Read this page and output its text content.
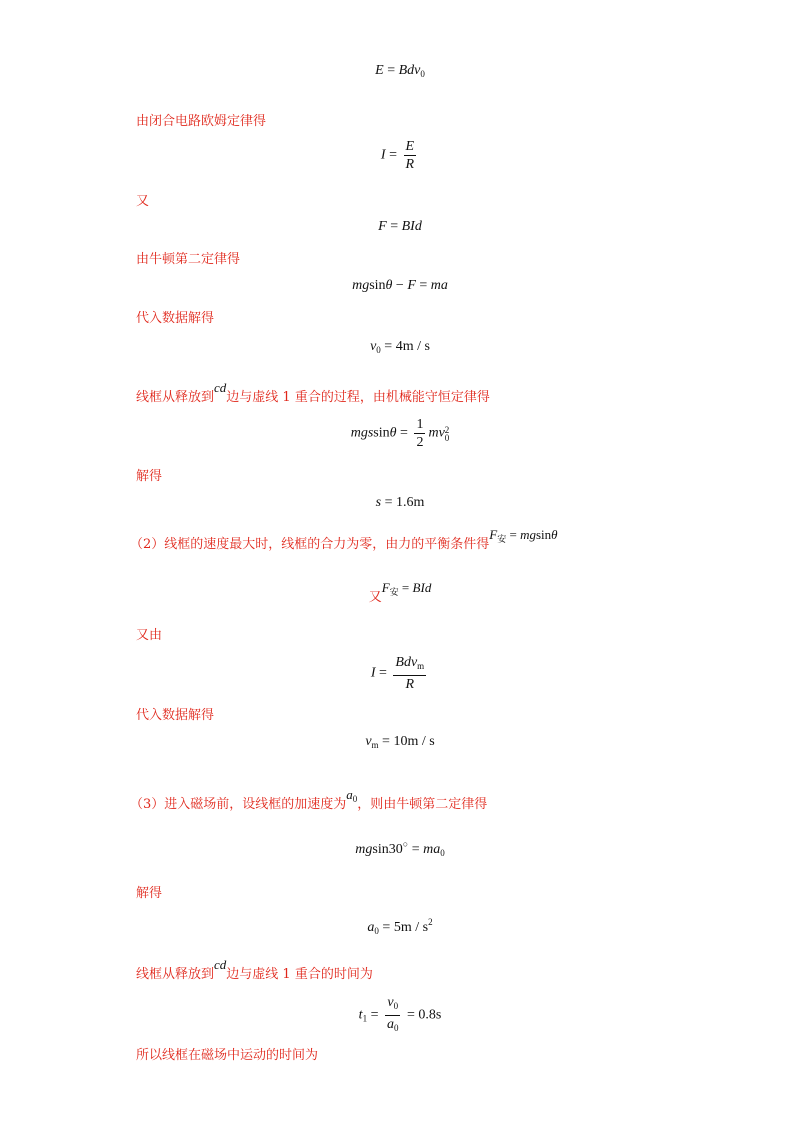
E = Bdv$_0$
由闭合电路欧姆定律得
$I = \frac{E}{R}$
又
F = BId
由牛顿第二定律得
mgsinθ − F = ma
代入数据解得
$v_0 = 4m / s$
线框从释放到cd边与虚线 1 重合的过程，由机械能守恒定律得
$mgssin\theta = \frac{1}{2}$ mv 2
0
解得
s = 1.6m
（2）线框的速度最大时，线框的合力为零，由力的平衡条件得$F_安 = mgsin\theta$
又$F_安$ = BId
又由
$I = \frac{Bdv_m}{R}$
代入数据解得
$v_m = 10m / s$
（3）进入磁场前，设线框的加速度为$a_0$，则由牛顿第二定律得
$mgsin30^○ = ma_0$
解得
$a_0 = 5m / s^2$
线框从释放到cd边与虚线 1 重合的时间为
$t_1 = \frac{v_0}{a_0} = 0.8s$
所以线框在磁场中运动的时间为
